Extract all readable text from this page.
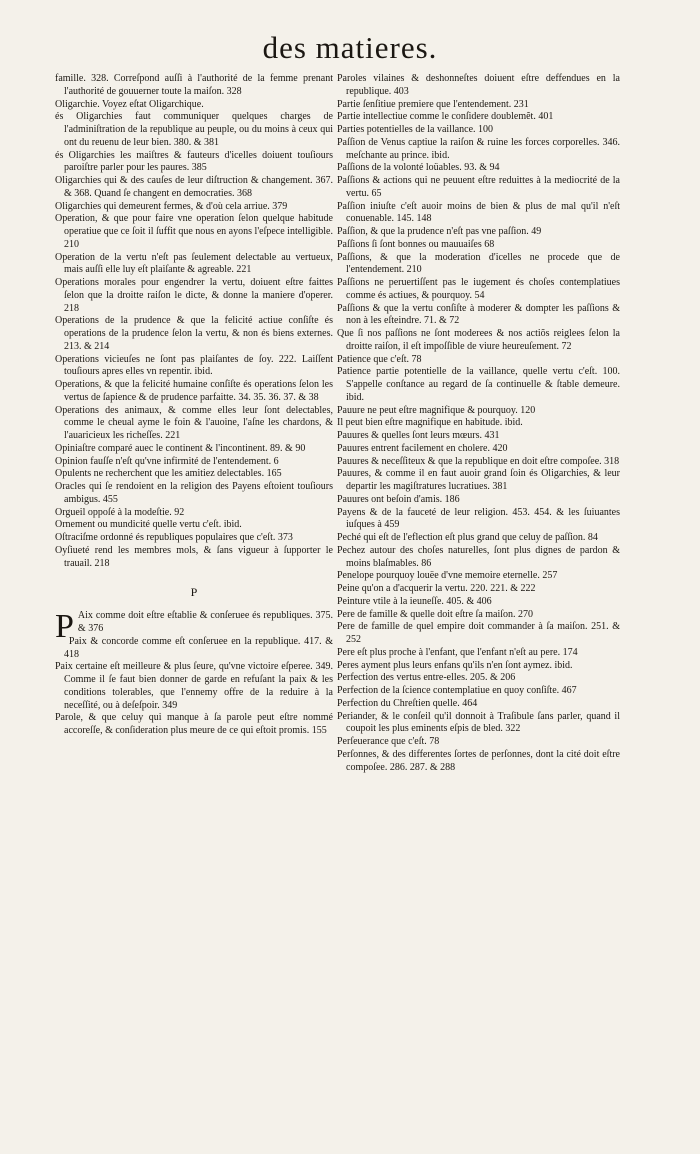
des matieres.

famille. 328. Correſpond auſſi à l'authorité de la femme prenant l'authorité de gouuerner toute la maiſon. 328

Oligarchie. Voyez eſtat Oligarchique.

és Oligarchies faut communiquer quelques charges de l'adminiſtration de la republique au peuple, ou du moins à ceux qui ont du reuenu de leur bien. 380. & 381

és Oligarchies les maiſtres & fauteurs d'icelles doiuent touſiours paroiſtre parler pour les paures. 385

Oligarchies qui & des cauſes de leur diſtruction & changement. 367. & 368. Quand ſe changent en democraties. 368

Oligarchies qui demeurent fermes, & d'où cela arriue. 379

Operation, & que pour faire vne operation ſelon quelque habitude operatiue que ce ſoit il ſuffit que nous en ayons l'eſpece intelligible. 210

Operation de la vertu n'eſt pas ſeulement delectable au vertueux, mais auſſi elle luy eſt plaiſante & agreable. 221

Operations morales pour engendrer la vertu, doiuent eſtre faittes ſelon que la droitte raiſon le dicte, & donne la maniere d'operer. 218

Operations de la prudence & que la felicité actiue conſiſte és operations de la prudence ſelon la vertu, & non és biens externes. 213. & 214

Operations vicieuſes ne ſont pas plaiſantes de ſoy. 222. Laiſſent touſiours apres elles vn repentir. ibid.

Operations, & que la felicité humaine conſiſte és operations ſelon les vertus de ſapience & de prudence parfaitte. 34. 35. 36. 37. & 38

Operations des animaux, & comme elles leur ſont delectables, comme le cheual ayme le foin & l'auoine, l'aſne les chardons, & l'auaricieux les richeſſes. 221

Opiniaſtre comparé auec le continent & l'incontinent. 89. & 90

Opinion fauſſe n'eſt qu'vne infirmité de l'entendement. 6

Opulents ne recherchent que les amitiez delectables. 165

Oracles qui ſe rendoient en la religion des Payens eſtoient touſiours ambigus. 455

Orgueil oppoſé à la modeſtie. 92

Ornement ou mundicité quelle vertu c'eſt. ibid.

Oſtraciſme ordonné és republiques populaires que c'eſt. 373

Oyſiueté rend les membres mols, & ſans vigueur à ſupporter le trauail. 218

P

P Aix comme doit eſtre eſtablie & conſeruee és republiques. 375. & 376

Paix & concorde comme eſt conſeruee en la republique. 417. & 418

Paix certaine eſt meilleure & plus ſeure, qu'vne victoire eſperee. 349. Comme il ſe faut bien donner de garde en refuſant la paix & les conditions tolerables, que l'ennemy offre de la reduire à la neceſſité, ou à deſeſpoir. 349

Parole, & que celuy qui manque à ſa parole peut eſtre nommé accoreſſe, & conſideration plus meure de ce qui eſtoit promis. 155

Paroles vilaines & deshonneſtes doiuent eſtre deffendues en la republique. 403

Partie ſenſitiue premiere que l'entendement. 231

Partie intellectiue comme le conſidere doublemẽt. 401

Parties potentielles de la vaillance. 100

Paſſion de Venus captiue la raiſon & ruine les forces corporelles. 346. meſchante au prince. ibid.

Paſſions de la volonté loüables. 93. & 94

Paſſions & actions qui ne peuuent eſtre reduittes à la mediocrité de la vertu. 65

Paſſion iniuſte c'eſt auoir moins de bien & plus de mal qu'il n'eſt conuenable. 145. 148

Paſſion, & que la prudence n'eſt pas vne paſſion. 49

Paſſions ſi ſont bonnes ou mauuaiſes 68

Paſſions, & que la moderation d'icelles ne procede que de l'entendement. 210

Paſſions ne peruertiſſent pas le iugement és choſes contemplatiues comme és actiues, & pourquoy. 54

Paſſions & que la vertu conſiſte à moderer & dompter les paſſions & non à les eſteindre. 71. & 72

Que ſi nos paſſions ne ſont moderees & nos actiõs reiglees ſelon la droitte raiſon, il eſt impoſſible de viure heureuſement. 72

Patience que c'eſt. 78

Patience partie potentielle de la vaillance, quelle vertu c'eſt. 100. S'appelle conſtance au regard de ſa continuelle & ſtable demeure. ibid.

Pauure ne peut eſtre magnifique & pourquoy. 120

Il peut bien eſtre magnifique en habitude. ibid.

Pauures & quelles ſont leurs mœurs. 431

Pauures entrent facilement en cholere. 420

Pauures & neceſſiteux & que la republique en doit eſtre compoſee. 318

Pauures, & comme il en faut auoir grand ſoin és Oligarchies, & leur departir les magiſtratures lucratiues. 381

Pauures ont beſoin d'amis. 186

Payens & de la fauceté de leur religion. 453. 454. & les ſuiuantes iuſques à 459

Peché qui eſt de l'eflection eſt plus grand que celuy de paſſion. 84

Pechez autour des choſes naturelles, ſont plus dignes de pardon & moins blaſmables. 86

Penelope pourquoy louëe d'vne memoire eternelle. 257

Peine qu'on a d'acquerir la vertu. 220. 221. & 222

Peinture vtile à la ieuneſſe. 405. & 406

Pere de famille & quelle doit eſtre ſa maiſon. 270

Pere de famille de quel empire doit commander à ſa maiſon. 251. & 252

Pere eſt plus proche à l'enfant, que l'enfant n'eſt au pere. 174

Peres ayment plus leurs enfans qu'ils n'en ſont aymez. ibid.

Perfection des vertus entre-elles. 205. & 206

Perfection de la ſcience contemplatiue en quoy conſiſte. 467

Perfection du Chreſtien quelle. 464

Periander, & le conſeil qu'il donnoit à Traſibule ſans parler, quand il coupoit les plus eminents eſpis de bled. 322

Perſeuerance que c'eſt. 78

Perſonnes, & des differentes ſortes de perſonnes, dont la cité doit eſtre compoſee. 286. 287. & 288
